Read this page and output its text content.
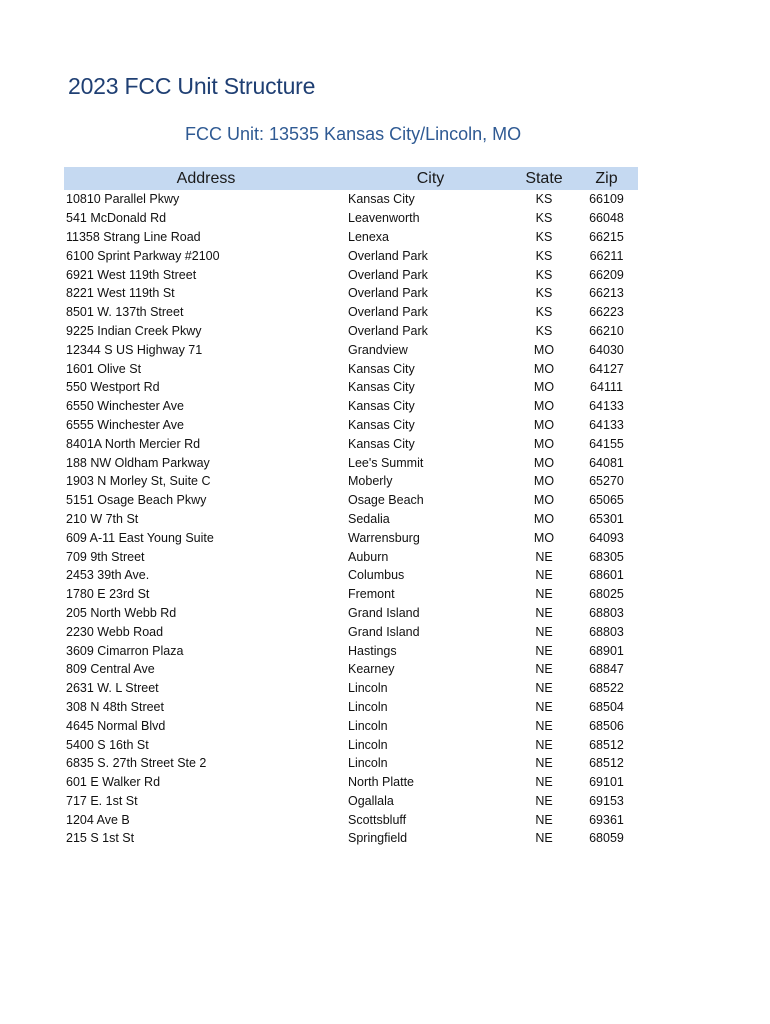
2023 FCC Unit Structure
FCC Unit: 13535 Kansas City/Lincoln, MO
Address	City	State	Zip
10810 Parallel Pkwy	Kansas City	KS	66109
541 McDonald Rd	Leavenworth	KS	66048
11358 Strang Line Road	Lenexa	KS	66215
6100 Sprint Parkway #2100	Overland Park	KS	66211
6921 West 119th Street	Overland Park	KS	66209
8221 West 119th St	Overland Park	KS	66213
8501 W. 137th Street	Overland Park	KS	66223
9225 Indian Creek Pkwy	Overland Park	KS	66210
12344 S US Highway 71	Grandview	MO	64030
1601 Olive St	Kansas City	MO	64127
550 Westport Rd	Kansas City	MO	64111
6550 Winchester Ave	Kansas City	MO	64133
6555 Winchester Ave	Kansas City	MO	64133
8401A North Mercier Rd	Kansas City	MO	64155
188 NW Oldham Parkway	Lee's Summit	MO	64081
1903 N Morley St, Suite C	Moberly	MO	65270
5151 Osage Beach Pkwy	Osage Beach	MO	65065
210 W 7th St	Sedalia	MO	65301
609 A-11 East Young Suite	Warrensburg	MO	64093
709 9th Street	Auburn	NE	68305
2453 39th Ave.	Columbus	NE	68601
1780 E 23rd St	Fremont	NE	68025
205 North Webb Rd	Grand Island	NE	68803
2230 Webb Road	Grand Island	NE	68803
3609 Cimarron Plaza	Hastings	NE	68901
809 Central Ave	Kearney	NE	68847
2631 W. L Street	Lincoln	NE	68522
308 N 48th Street	Lincoln	NE	68504
4645 Normal Blvd	Lincoln	NE	68506
5400 S 16th St	Lincoln	NE	68512
6835 S. 27th Street Ste 2	Lincoln	NE	68512
601 E Walker Rd	North Platte	NE	69101
717 E. 1st St	Ogallala	NE	69153
1204 Ave B	Scottsbluff	NE	69361
215 S 1st St	Springfield	NE	68059
